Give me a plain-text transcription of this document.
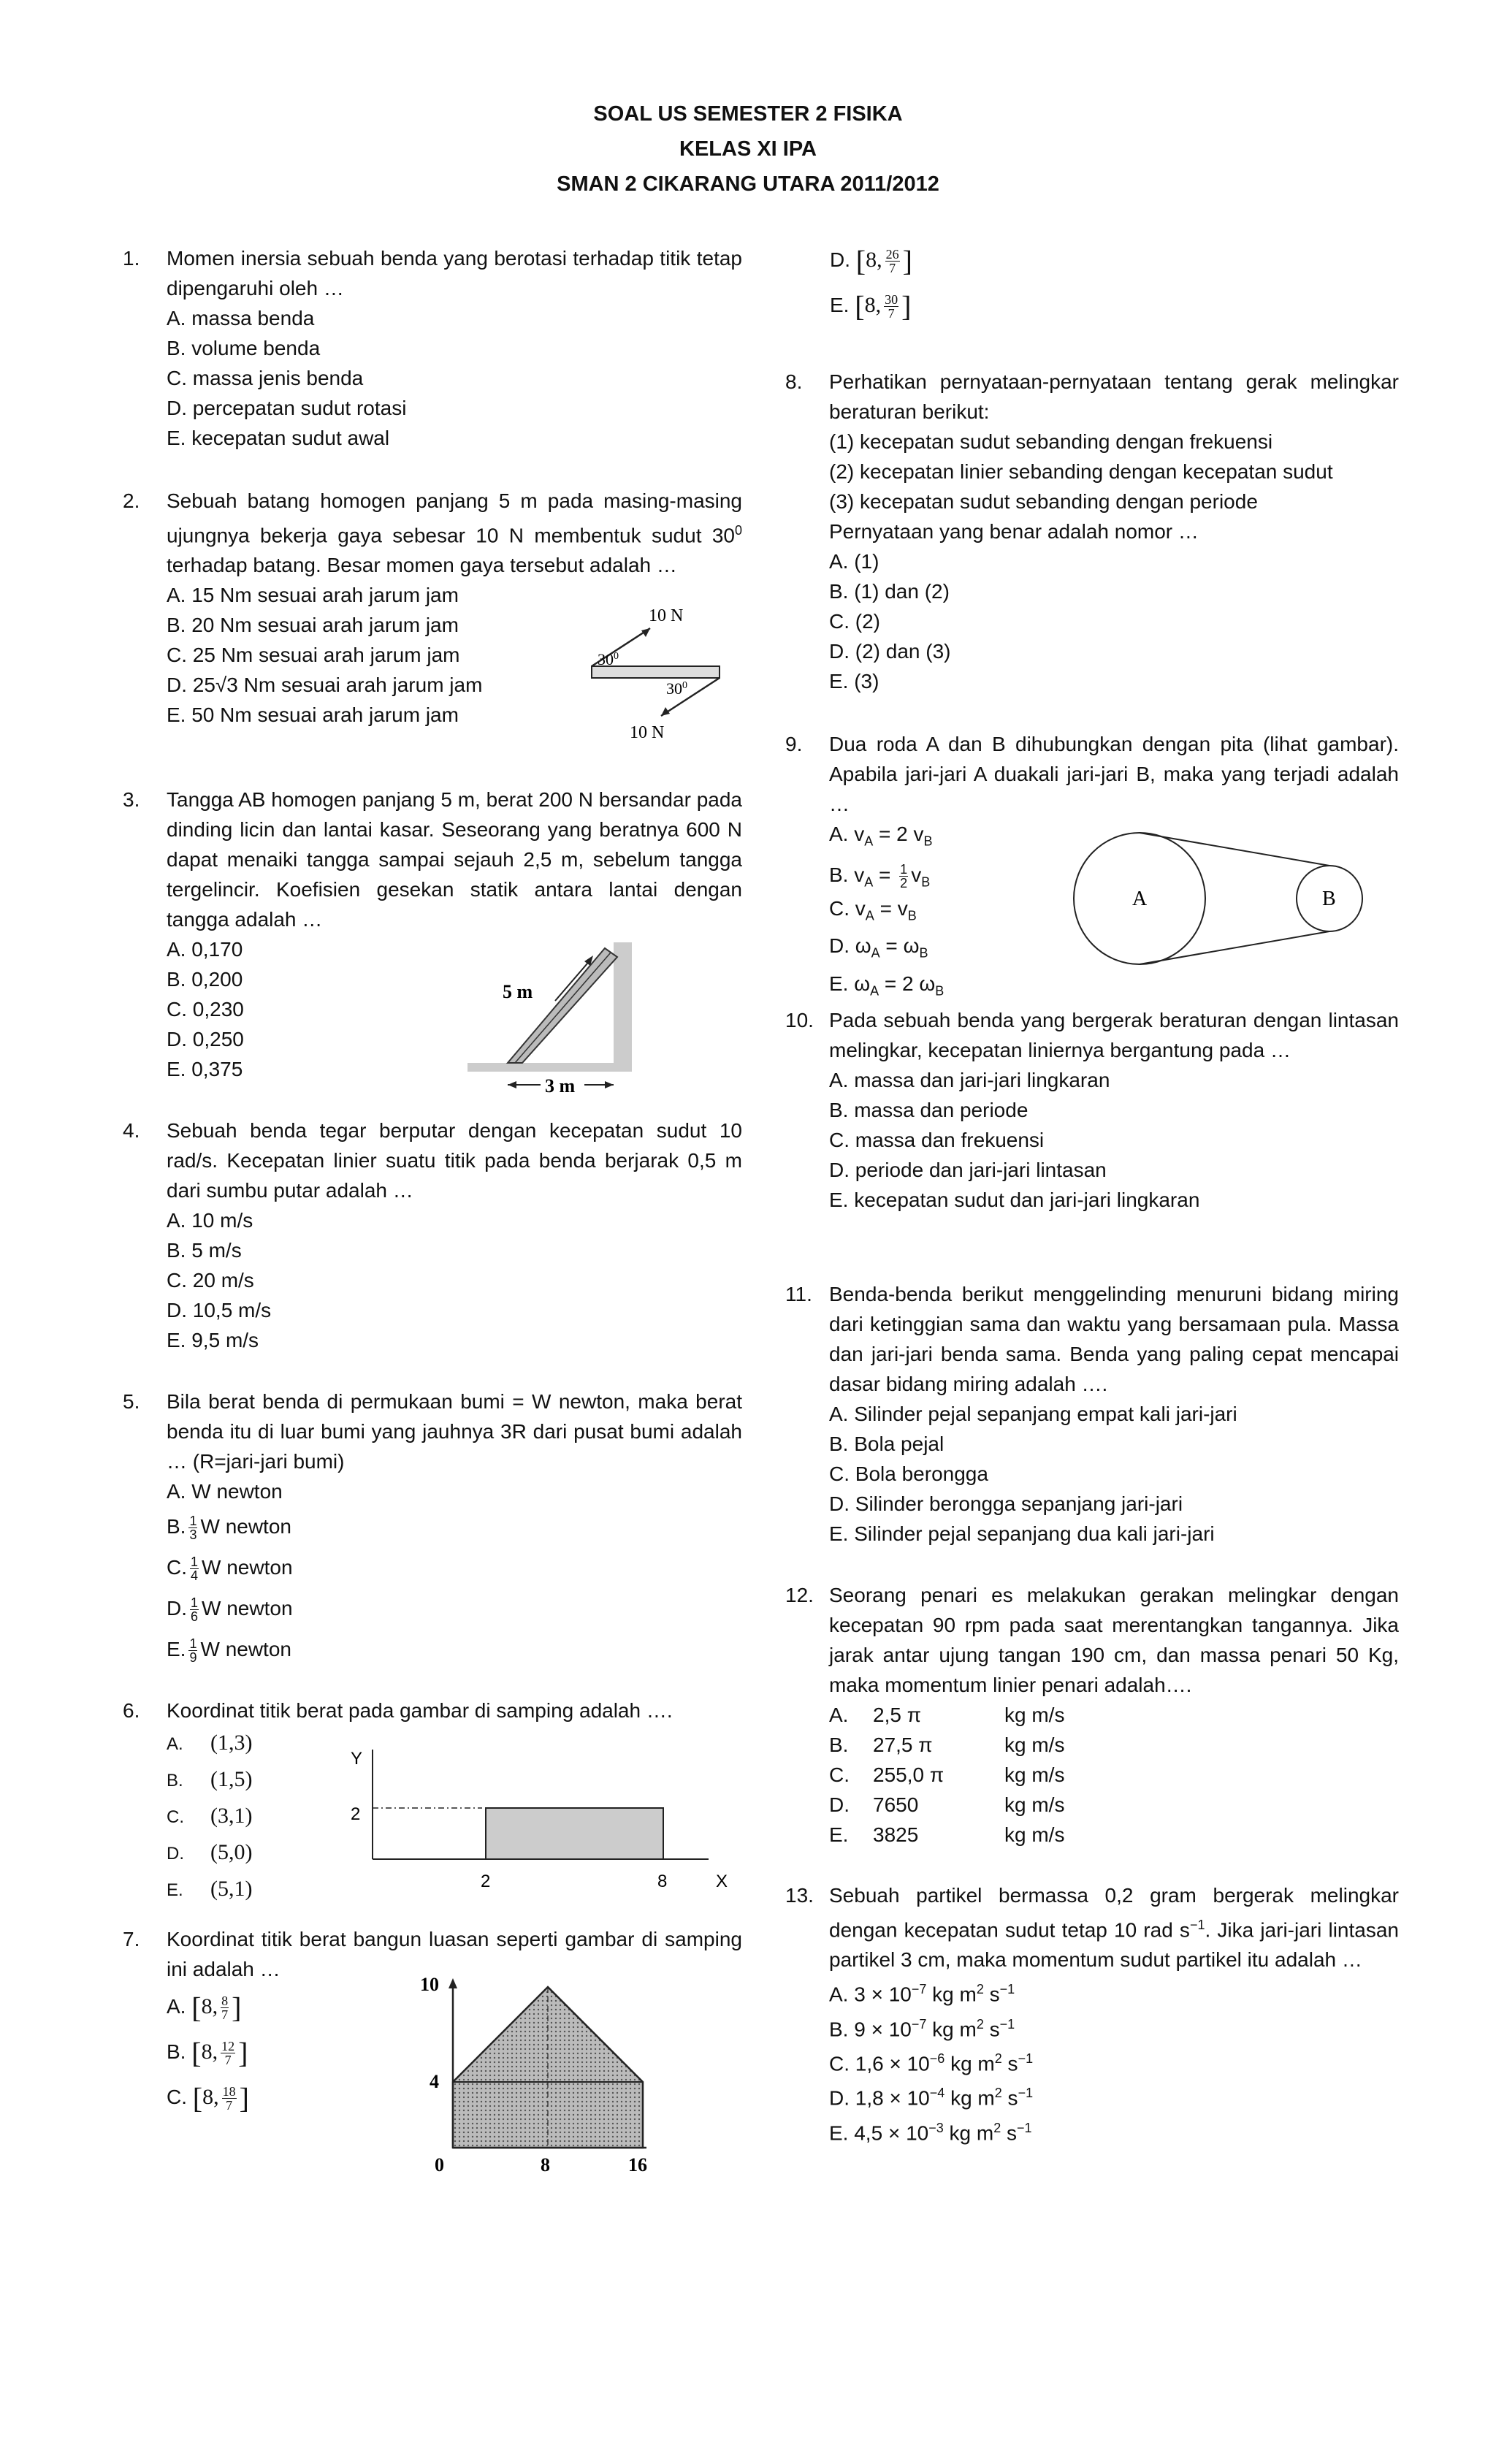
SOAL US SEMESTER 2 FISIKA
KELAS XI IPA
SMAN 2 CIKARANG UTARA 2011/2012
1. Momen inersia sebuah benda yang berotasi terhadap titik tetap dipengaruhi oleh …
A. massa benda
B. volume benda
C. massa jenis benda
D. percepatan sudut rotasi
E. kecepatan sudut awal
2. Sebuah batang homogen panjang 5 m pada masing-masing ujungnya bekerja gaya sebesar 10 N membentuk sudut $30^0$ terhadap batang. Besar momen gaya tersebut adalah …
A. 15 Nm sesuai arah jarum jam
B. 20 Nm sesuai arah jarum jam
C. 25 Nm sesuai arah jarum jam
D. 25√3 Nm sesuai arah jarum jam
E. 50 Nm sesuai arah jarum jam
10 N
10 N
$30^0$
$30^0$
3. Tangga AB homogen panjang 5 m, berat 200 N bersandar pada dinding licin dan lantai kasar. Seseorang yang beratnya 600 N dapat menaiki tangga sampai sejauh 2,5 m, sebelum tangga tergelincir. Koefisien gesekan statik antara lantai dengan tangga adalah …
A. 0,170
B. 0,200
C. 0,230
D. 0,250
E. 0,375
5 m
3 m
4. Sebuah benda tegar berputar dengan kecepatan sudut 10 rad/s. Kecepatan linier suatu titik pada benda berjarak 0,5 m dari sumbu putar adalah …
A. 10 m/s
B. 5 m/s
C. 20 m/s
D. 10,5 m/s
E. 9,5 m/s
5. Bila berat benda di permukaan bumi = W newton, maka berat benda itu di luar bumi yang jauhnya 3R dari pusat bumi adalah … (R=jari-jari bumi)
A. W newton
B. $\frac{1}{3}$ W newton
C. $\frac{1}{4}$ W newton
D. $\frac{1}{6}$ W newton
E. $\frac{1}{9}$ W newton
6. Koordinat titik berat pada gambar di samping adalah ….
A. (1,3)
B. (1,5)
C. (3,1)
D. (5,0)
E. (5,1)
Y
2
2	8	X
7. Koordinat titik berat bangun luasan seperti gambar di samping ini adalah …
A. [8, $\frac{8}{7}$ ]
B. [8, $\frac{12}{7}$ ]
C. [8, $\frac{18}{7}$ ]
10
4
0	8	16
D. [8, $\frac{26}{7}$ ]
E. [8, $\frac{30}{7}$ ]
8. Perhatikan pernyataan-pernyataan tentang gerak melingkar beraturan berikut:
(1) kecepatan sudut sebanding dengan frekuensi
(2) kecepatan linier sebanding dengan kecepatan sudut
(3) kecepatan sudut sebanding dengan periode
Pernyataan yang benar adalah nomor …
A. (1)
B. (1) dan (2)
C. (2)
D. (2) dan (3)
E. (3)
9. Dua roda A dan B dihubungkan dengan pita (lihat gambar). Apabila jari-jari A duakali jari-jari B, maka yang terjadi adalah …
A. $v_A = 2$ $v_B$
B. $v_A = \frac{1}{2} v_B$
C. $v_A = v_B$
D. $\omega_A = \omega_B$
E. $\omega_A = 2$ $\omega_B$
A	B
10. Pada sebuah benda yang bergerak beraturan dengan lintasan melingkar, kecepatan liniernya bergantung pada …
A. massa dan jari-jari lingkaran
B. massa dan periode
C. massa dan frekuensi
D. periode dan jari-jari lintasan
E. kecepatan sudut dan jari-jari lingkaran
11. Benda-benda berikut menggelinding menuruni bidang miring dari ketinggian sama dan waktu yang bersamaan pula. Massa dan jari-jari benda sama. Benda yang paling cepat mencapai dasar bidang miring adalah ….
A. Silinder pejal sepanjang empat kali jari-jari
B. Bola pejal
C. Bola berongga
D. Silinder berongga sepanjang jari-jari
E. Silinder pejal sepanjang dua kali jari-jari
12. Seorang penari es melakukan gerakan melingkar dengan kecepatan 90 rpm pada saat merentangkan tangannya. Jika jarak antar ujung tangan 190 cm, dan massa penari 50 Kg, maka momentum linier penari adalah….
A. 2,5 π	kg m/s
B. 27,5 π	kg m/s
C. 255,0 π	kg m/s
D. 7650	kg m/s
E. 3825	kg m/s
13. Sebuah partikel bermassa 0,2 gram bergerak melingkar dengan kecepatan sudut tetap 10 rad $s^{-1}$. Jika jari-jari lintasan partikel 3 cm, maka momentum sudut partikel itu adalah …
A. $3 \times 10^{-7}$ kg $m^2$ $s^{-1}$
B. $9 \times 10^{-7}$ kg $m^2$ $s^{-1}$
C. $1,6 \times 10^{-6}$ kg $m^2$ $s^{-1}$
D. $1,8 \times 10^{-4}$ kg $m^2$ $s^{-1}$
E. $4,5 \times 10^{-3}$ kg $m^2$ $s^{-1}$
